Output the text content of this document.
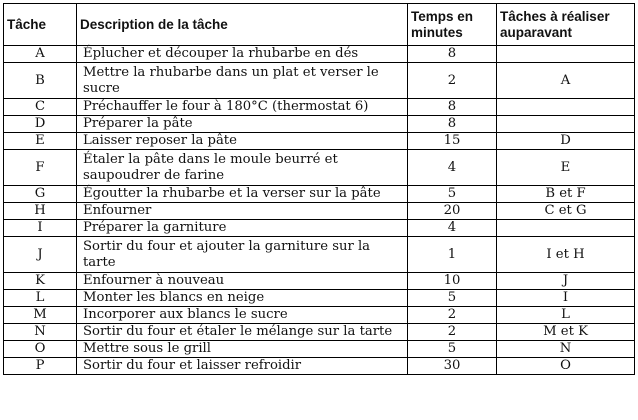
Tâche	Description de la tâche	Temps en minutes	Tâches à réaliser auparavant
A	Éplucher et découper la rhubarbe en dés	8	
B	Mettre la rhubarbe dans un plat et verser le sucre	2	A
C	Préchauffer le four à 180°C (thermostat 6)	8	
D	Préparer la pâte	8	
E	Laisser reposer la pâte	15	D
F	Étaler la pâte dans le moule beurré et saupoudrer de farine	4	E
G	Égoutter la rhubarbe et la verser sur la pâte	5	B et F
H	Enfourner	20	C et G
I	Préparer la garniture	4	
J	Sortir du four et ajouter la garniture sur la tarte	1	I et H
K	Enfourner à nouveau	10	J
L	Monter les blancs en neige	5	I
M	Incorporer aux blancs le sucre	2	L
N	Sortir du four et étaler le mélange sur la tarte	2	M et K
O	Mettre sous le grill	5	N
P	Sortir du four et laisser refroidir	30	O
